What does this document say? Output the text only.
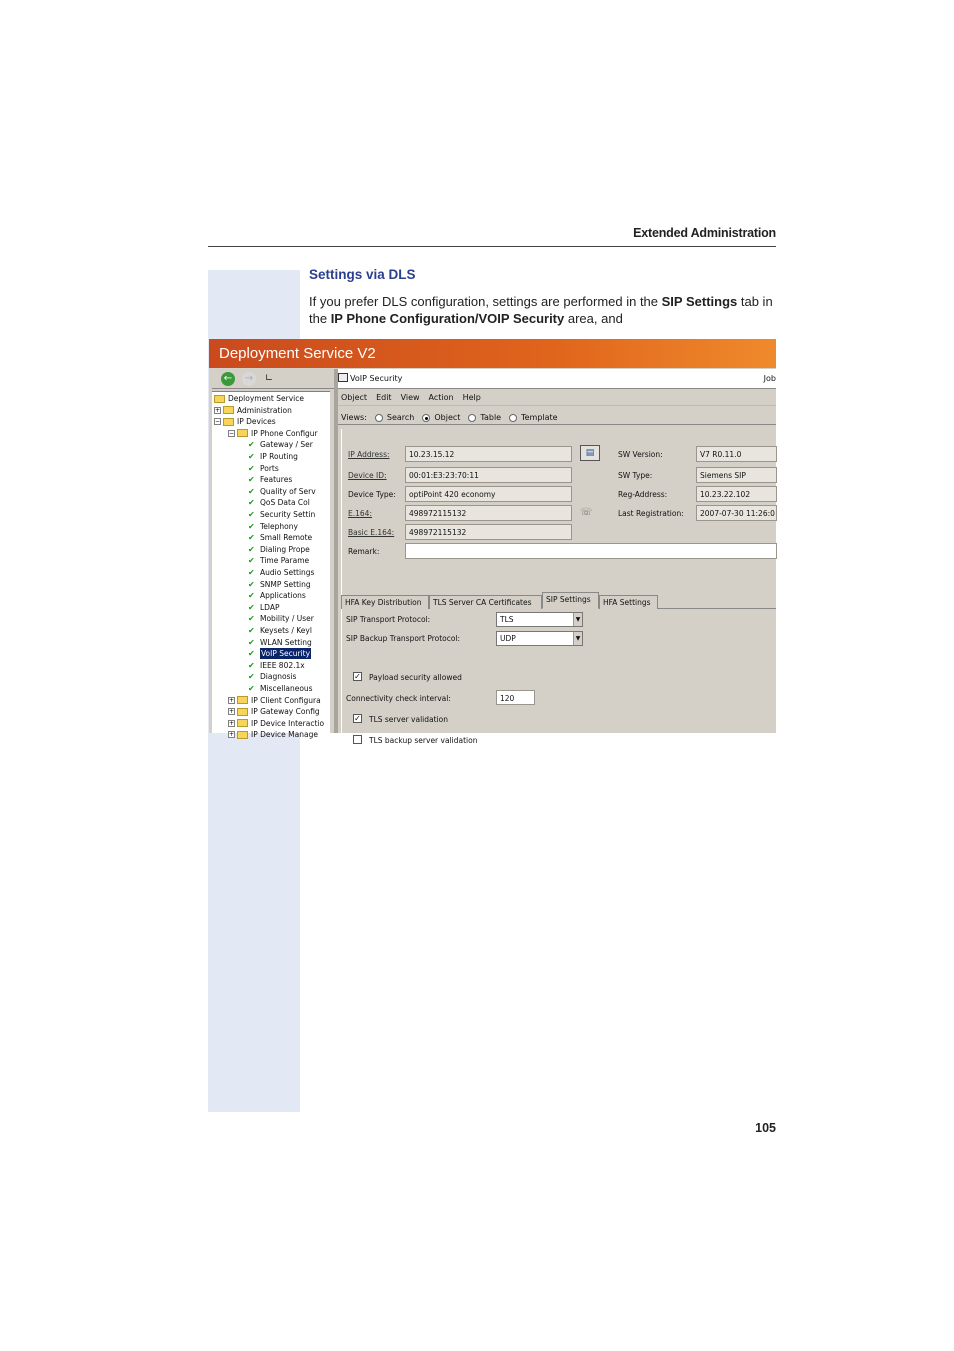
Extended Administration
Settings via DLS
If you prefer DLS configuration, settings are performed in the SIP Settings tab in the IP Phone Configuration/VOIP Security area, and
Deployment Service V2
← → ∟
Deployment Service
+ Administration
− IP Devices
− IP Phone Configur
✔ Gateway / Ser
✔ IP Routing
✔ Ports
✔ Features
✔ Quality of Serv
✔ QoS Data Col
✔ Security Settin
✔ Telephony
✔ Small Remote
✔ Dialing Prope
✔ Time Parame
✔ Audio Settings
✔ SNMP Setting
✔ Applications
✔ LDAP
✔ Mobility / User
✔ Keysets / Keyl
✔ WLAN Setting
✔ VoIP Security
✔ IEEE 802.1x
✔ Diagnosis
✔ Miscellaneous
+ IP Client Configura
+ IP Gateway Config
+ IP Device Interactio
+ IP Device Manage
VoIP Security	Job
Object Edit View Action Help
Views:	Search	Object	Table	Template
IP Address:	10.23.15.12	▤
Device ID:	00:01:E3:23:70:11
Device Type:	optiPoint 420 economy
E.164:	498972115132	☏
Basic E.164:	498972115132
Remark:
SW Version:	V7 R0.11.0
SW Type:	Siemens SIP
Reg-Address:	10.23.22.102
Last Registration:	2007-07-30 11:26:0
HFA Key Distribution	TLS Server CA Certificates	SIP Settings	HFA Settings
SIP Transport Protocol:	TLS	▼
SIP Backup Transport Protocol:	UDP	▼
✓ Payload security allowed
Connectivity check interval:	120
✓ TLS server validation
TLS backup server validation
105
